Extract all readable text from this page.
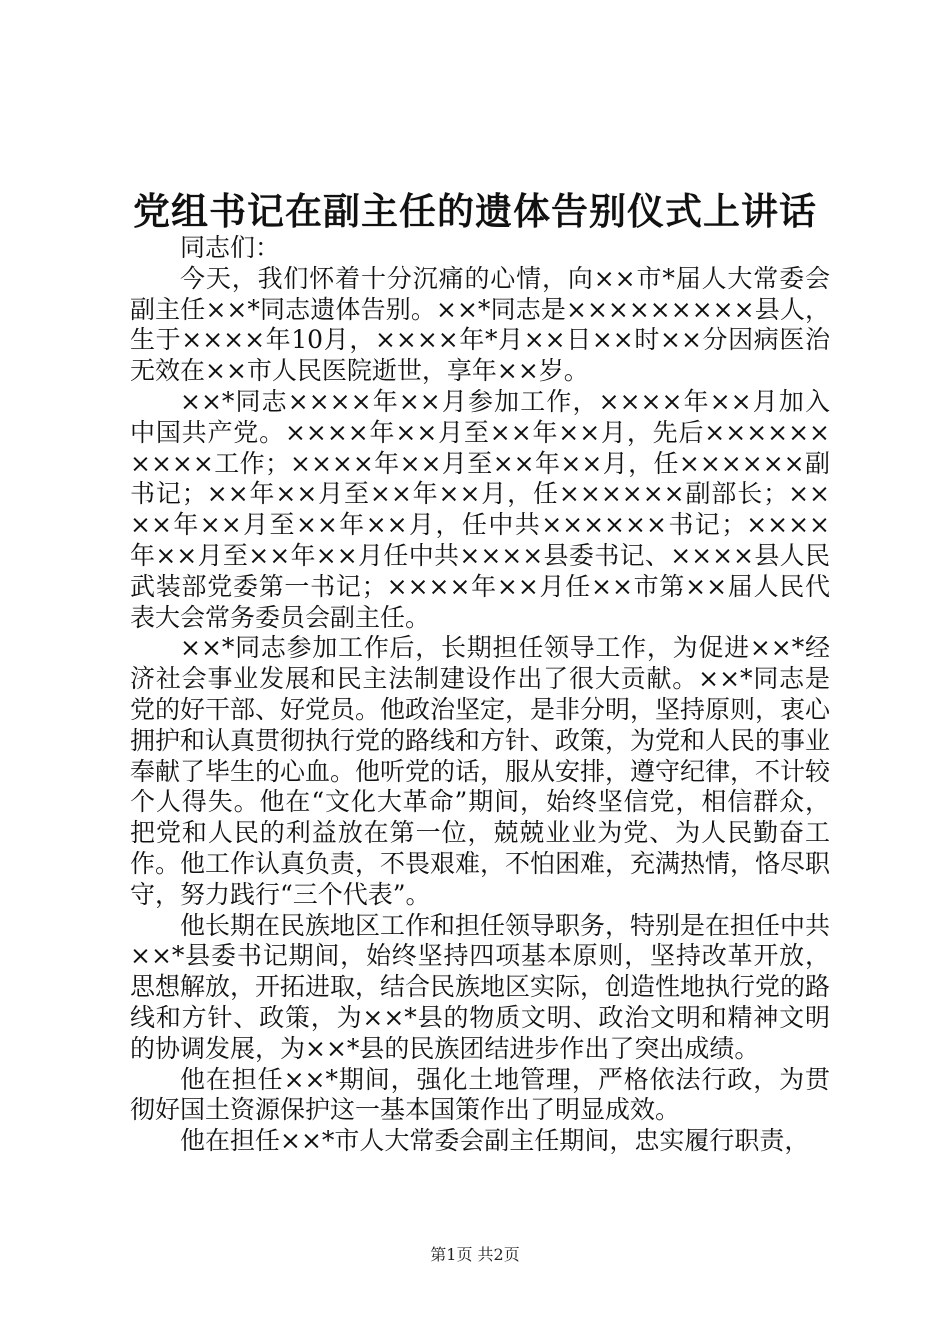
党组书记在副主任的遗体告别仪式上讲话

同志们：

今天，我们怀着十分沉痛的心情，向××市*届人大常委会副主任××*同志遗体告别。××*同志是×××××××××县人，生于××××年10月，××××年*月××日××时××分因病医治无效在××市人民医院逝世，享年××岁。

××*同志××××年××月参加工作，××××年××月加入中国共产党。××××年××月至××年××月，先后××××××××××工作；××××年××月至××年××月，任××××××副书记；××年××月至××年××月，任××××××副部长；××××年××月至××年××月，任中共××××××书记；××××年××月至××年××月任中共××××县委书记、××××县人民武装部党委第一书记；××××年××月任××市第××届人民代表大会常务委员会副主任。

××*同志参加工作后，长期担任领导工作，为促进××*经济社会事业发展和民主法制建设作出了很大贡献。××*同志是党的好干部、好党员。他政治坚定，是非分明，坚持原则，衷心拥护和认真贯彻执行党的路线和方针、政策，为党和人民的事业奉献了毕生的心血。他听党的话，服从安排，遵守纪律，不计较个人得失。他在“文化大革命”期间，始终坚信党，相信群众，把党和人民的利益放在第一位，兢兢业业为党、为人民勤奋工作。他工作认真负责，不畏艰难，不怕困难，充满热情，恪尽职守，努力践行“三个代表”。

他长期在民族地区工作和担任领导职务，特别是在担任中共××*县委书记期间，始终坚持四项基本原则，坚持改革开放，思想解放，开拓进取，结合民族地区实际，创造性地执行党的路线和方针、政策，为××*县的物质文明、政治文明和精神文明的协调发展，为××*县的民族团结进步作出了突出成绩。

他在担任××*期间，强化土地管理，严格依法行政，为贯彻好国土资源保护这一基本国策作出了明显成效。

他在担任××*市人大常委会副主任期间，忠实履行职责，

第1页 共2页
